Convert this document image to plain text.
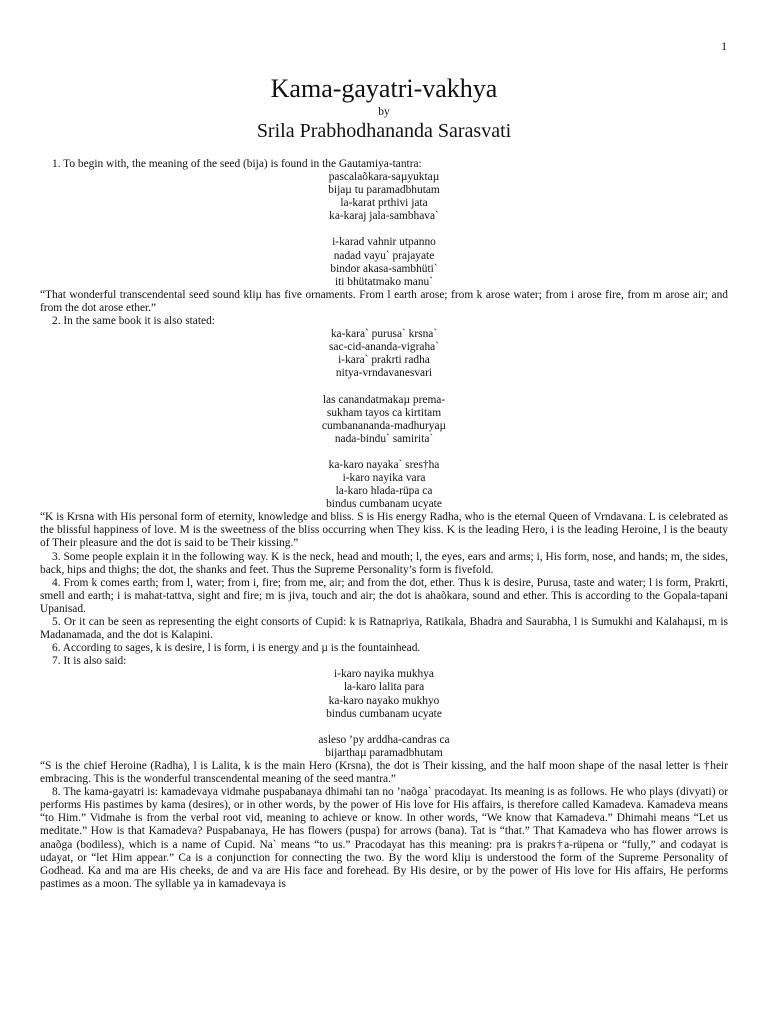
1
Kama-gayatri-vakhya
by
Srila Prabhodhananda Sarasvati
1. To begin with, the meaning of the seed (bija) is found in the Gautamiya-tantra:
pascalaõkara-saµyuktaµ
bijaµ tu paramadbhutam
la-karat prthivi jata
ka-karaj jala-sambhava`
i-karad vahnir utpanno
nadad vayu` prajayate
bindor akasa-sambhüti`
iti bhütatmako manu`
“That wonderful transcendental seed sound kliµ has five ornaments. From l earth arose; from k arose water; from i arose fire, from m arose air; and from the dot arose ether.”
2. In the same book it is also stated:
ka-kara` purusa` krsna`
sac-cid-ananda-vigraha`
i-kara` prakrti radha
nitya-vrndavanesvari
las canandatmakaµ prema-
sukham tayos ca kirtitam
cumbanananda-madhuryaµ
nada-bindu` samirita`
ka-karo nayaka` sres†ha
i-karo nayika vara
la-karo hlada-rüpa ca
bindus cumbanam ucyate
“K is Krsna with His personal form of eternity, knowledge and bliss. S is His energy Radha, who is the eternal Queen of Vrndavana. L is celebrated as the blissful happiness of love. M is the sweetness of the bliss occurring when They kiss. K is the leading Hero, i is the leading Heroine, l is the beauty of Their pleasure and the dot is said to be Their kissing.”
3. Some people explain it in the following way. K is the neck, head and mouth; l, the eyes, ears and arms; i, His form, nose, and hands; m, the sides, back, hips and thighs; the dot, the shanks and feet. Thus the Supreme Personality’s form is fivefold.
4. From k comes earth; from l, water; from i, fire; from me, air; and from the dot, ether. Thus k is desire, Purusa, taste and water; l is form, Prakrti, smell and earth; i is mahat-tattva, sight and fire; m is jiva, touch and air; the dot is ahaõkara, sound and ether. This is according to the Gopala-tapani Upanisad.
5. Or it can be seen as representing the eight consorts of Cupid: k is Ratnapriya, Ratikala, Bhadra and Saurabha, l is Sumukhi and Kalahaµsi, m is Madanamada, and the dot is Kalapini.
6. According to sages, k is desire, l is form, i is energy and µ is the fountainhead.
7. It is also said:
i-karo nayika mukhya
la-karo lalita para
ka-karo nayako mukhyo
bindus cumbanam ucyate
asleso ’py arddha-candras ca
bijarthaµ paramadbhutam
“S is the chief Heroine (Radha), l is Lalita, k is the main Hero (Krsna), the dot is Their kissing, and the half moon shape of the nasal letter is †heir embracing. This is the wonderful transcendental meaning of the seed mantra.”
8. The kama-gayatri is: kamadevaya vidmahe puspabanaya dhimahi tan no ’naõga` pracodayat. Its meaning is as follows. He who plays (divyati) or performs His pastimes by kama (desires), or in other words, by the power of His love for His affairs, is therefore called Kamadeva. Kamadeva means “to Him.” Vidmahe is from the verbal root vid, meaning to achieve or know. In other words, “We know that Kamadeva.” Dhimahi means “Let us meditate.” How is that Kamadeva? Puspabanaya, He has flowers (puspa) for arrows (bana). Tat is “that.” That Kamadeva who has flower arrows is anaõga (bodiless), which is a name of Cupid. Na` means “to us.” Pracodayat has this meaning: pra is prakrs†a-rüpena or “fully,” and codayat is udayat, or “let Him appear.” Ca is a conjunction for connecting the two. By the word kliµ is understood the form of the Supreme Personality of Godhead. Ka and ma are His cheeks, de and va are His face and forehead. By His desire, or by the power of His love for His affairs, He performs pastimes as a moon. The syllable ya in kamadevaya is
